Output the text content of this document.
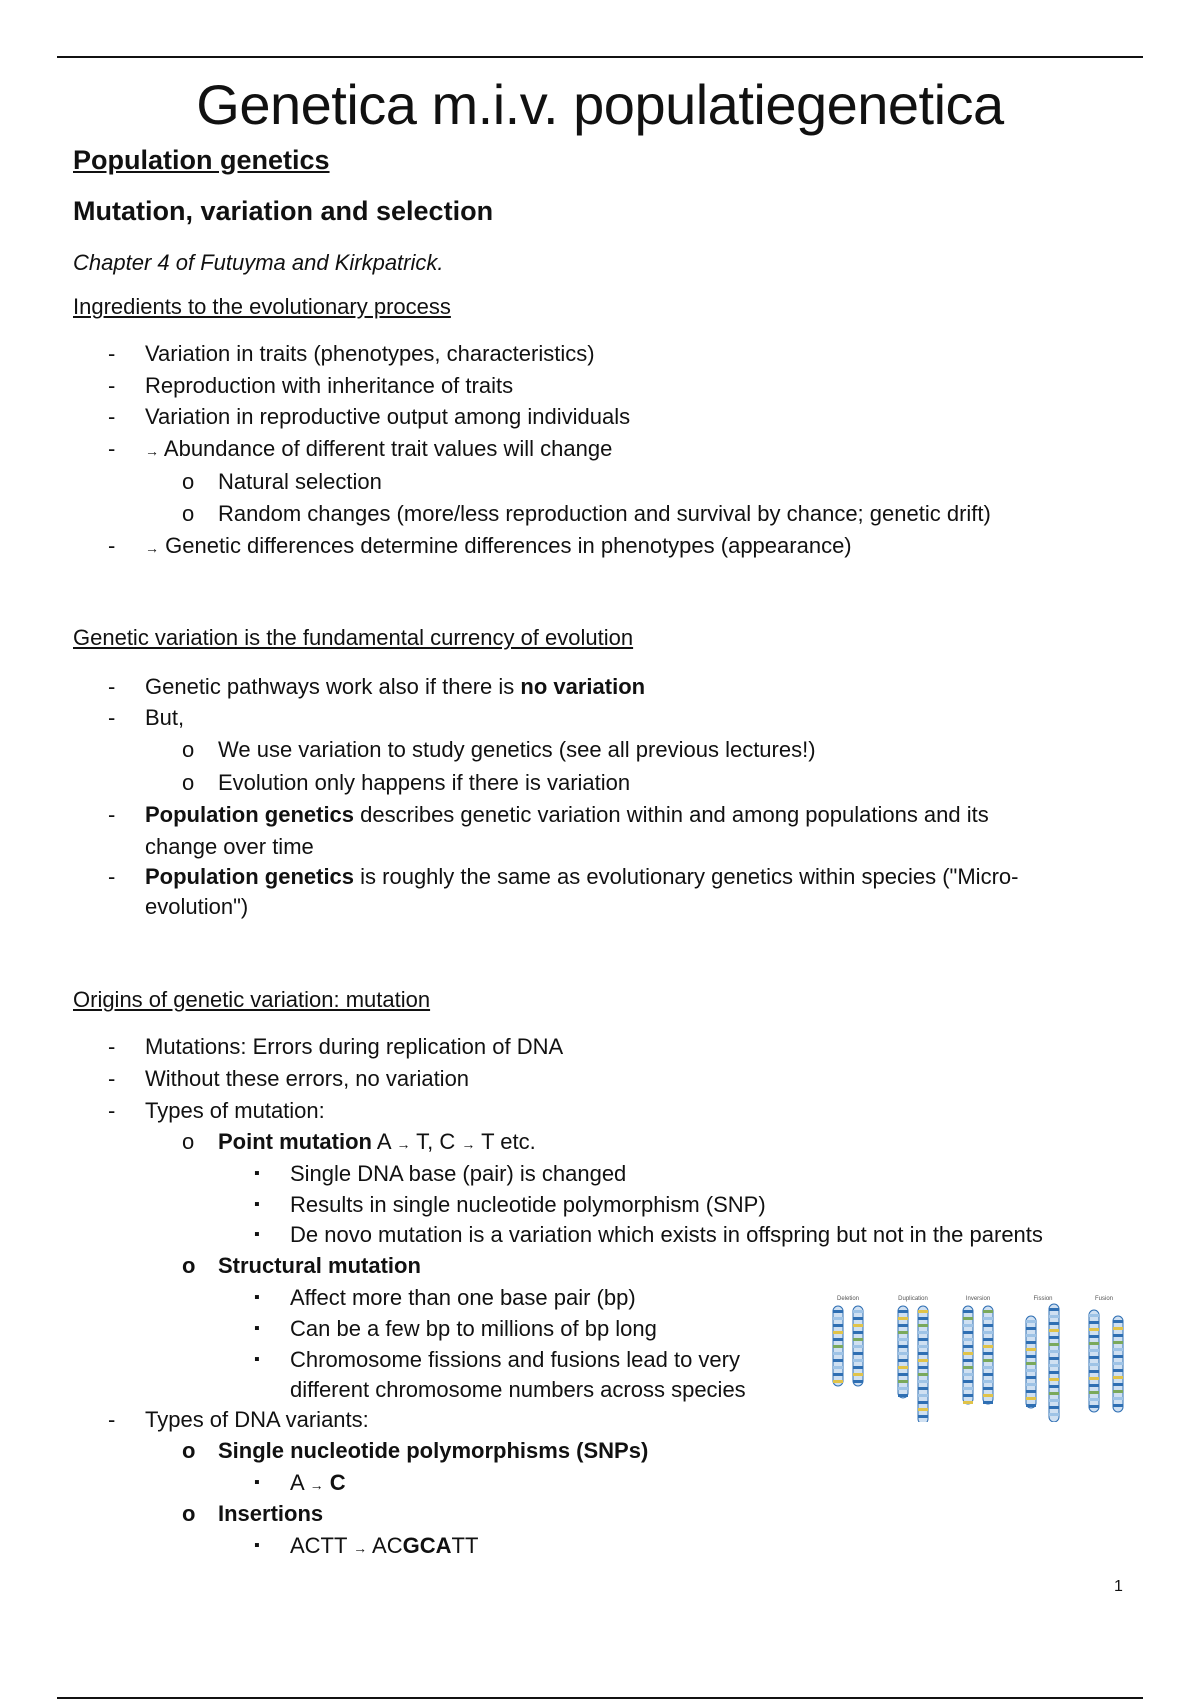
Genetica m.i.v. populatiegenetica
Population genetics
Mutation, variation and selection
Chapter 4 of Futuyma and Kirkpatrick.
Ingredients to the evolutionary process
- Variation in traits (phenotypes, characteristics)
- Reproduction with inheritance of traits
- Variation in reproductive output among individuals
- → Abundance of different trait values will change
o Natural selection
o Random changes (more/less reproduction and survival by chance; genetic drift)
- → Genetic differences determine differences in phenotypes (appearance)
Genetic variation is the fundamental currency of evolution
- Genetic pathways work also if there is no variation
- But,
o We use variation to study genetics (see all previous lectures!)
o Evolution only happens if there is variation
- Population genetics describes genetic variation within and among populations and its
change over time
- Population genetics is roughly the same as evolutionary genetics within species ("Micro-
evolution")
Origins of genetic variation: mutation
- Mutations: Errors during replication of DNA
- Without these errors, no variation
- Types of mutation:
o Point mutation A → T, C → T etc.
▪ Single DNA base (pair) is changed
▪ Results in single nucleotide polymorphism (SNP)
▪ De novo mutation is a variation which exists in offspring but not in the parents
o Structural mutation
▪ Affect more than one base pair (bp)
▪ Can be a few bp to millions of bp long
▪ Chromosome fissions and fusions lead to very
different chromosome numbers across species
- Types of DNA variants:
o Single nucleotide polymorphisms (SNPs)
▪ A → C
o Insertions
▪ ACTT → ACGCATT
Deletion	Duplication	Inversion	Fission	Fusion
1
